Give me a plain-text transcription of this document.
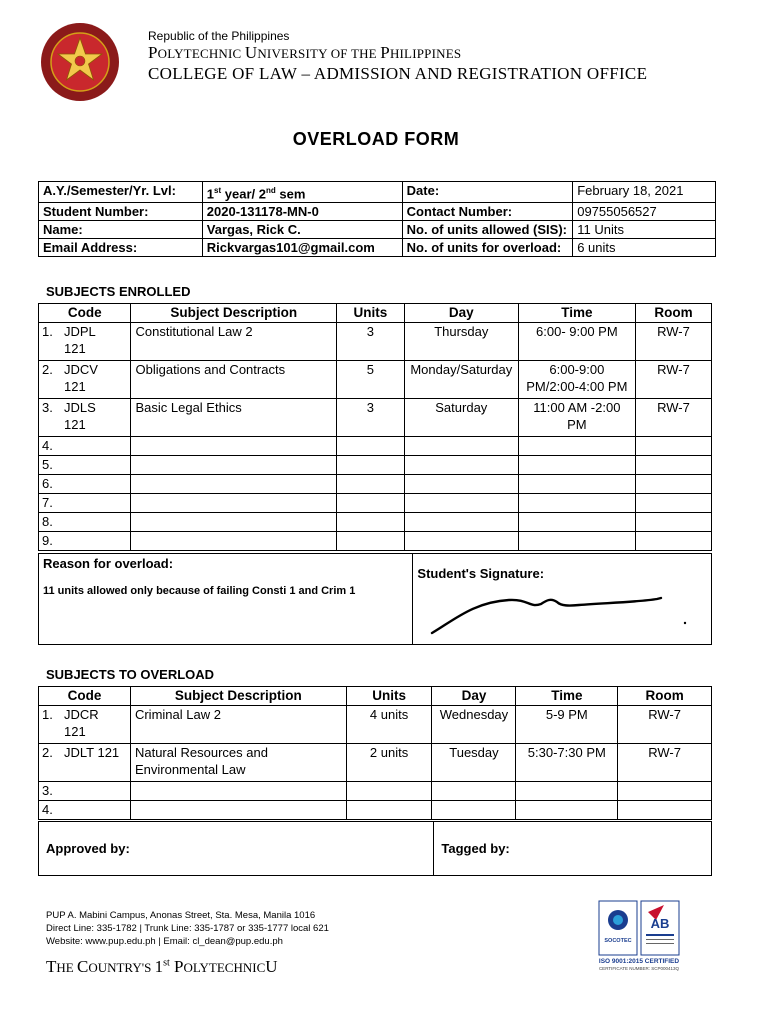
Republic of the Philippines
POLYTECHNIC UNIVERSITY OF THE PHILIPPINES
COLLEGE OF LAW – ADMISSION AND REGISTRATION OFFICE
OVERLOAD FORM
A.Y./Semester/Yr. Lvl:	1st year/ 2nd sem	Date:	February 18, 2021
Student Number:	2020-131178-MN-0	Contact Number:	09755056527
Name:	Vargas, Rick C.	No. of units allowed (SIS):	11 Units
Email Address:	Rickvargas101@gmail.com	No. of units for overload:	6 units
SUBJECTS ENROLLED
Code	Subject Description	Units	Day	Time	Room

1. JDPL 121	Constitutional Law 2	3	Thursday	6:00- 9:00 PM	RW-7

2. JDCV 121	Obligations and Contracts	5	Monday/Saturday	6:00-9:00 PM/2:00-4:00 PM	RW-7

3. JDLS 121	Basic Legal Ethics	3	Saturday	11:00 AM -2:00 PM	RW-7
4.					
5.					
6.					
7.					
8.					
9.					
Reason for overload:
11 units allowed only because of failing Consti 1 and Crim 1

Student's Signature:
SUBJECTS TO OVERLOAD
Code	Subject Description	Units	Day	Time	Room

1. JDCR 121	Criminal Law 2	4 units	Wednesday	5-9 PM	RW-7

2. JDLT 121	Natural Resources and Environmental Law	2 units	Tuesday	5:30-7:30 PM	RW-7
3.					
4.					
Approved by:	Tagged by:
PUP A. Mabini Campus, Anonas Street, Sta. Mesa, Manila 1016
Direct Line: 335-1782 | Trunk Line: 335-1787 or 335-1777 local 621
Website: www.pup.edu.ph | Email: cl_dean@pup.edu.ph
THE COUNTRY'S 1st POLYTECHNICU
SOCOTEC
AB
ISO 9001:2015 CERTIFIED
CERTIFICATE NUMBER: SCP000413Q
